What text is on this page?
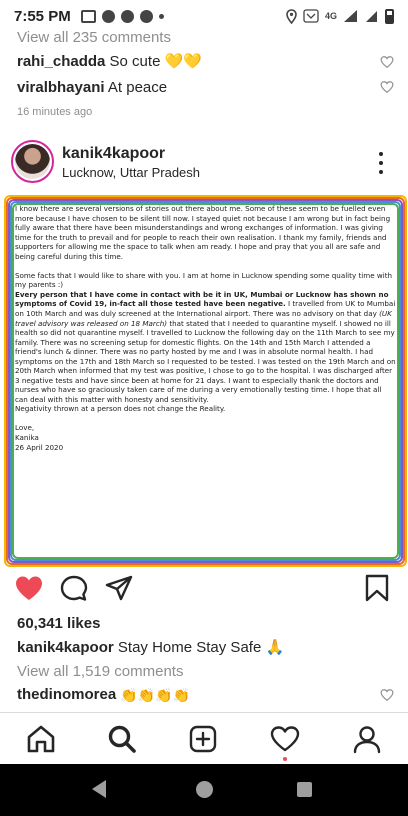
7:55 PM	4G
View all 235 comments
rahi_chadda So cute 💛💛
viralbhayani At peace
16 minutes ago
kanik4kapoor
Lucknow, Uttar Pradesh

I know there are several versions of stories out there about me. Some of these seem to be fuelled even more because I have chosen to be silent till now. I stayed quiet not because I am wrong but in fact being fully aware that there have been misunderstandings and wrong exchanges of information. I was giving time for the truth to prevail and for people to reach their own realisation. I thank my family, friends and supporters for allowing me the space to talk when am ready. I hope and pray that you all are safe and being careful during this time.

Some facts that I would like to share with you. I am at home in Lucknow spending some quality time with my parents :)

Every person that I have come in contact with be it in UK, Mumbai or Lucknow has shown no symptoms of Covid 19, in-fact all those tested have been negative. I travelled from UK to Mumbai on 10th March and was duly screened at the International airport. There was no advisory on that day (UK travel advisory was released on 18 March) that stated that I needed to quarantine myself. I showed no ill health so did not quarantine myself. I travelled to Lucknow the following day on the 11th March to see my family. There was no screening setup for domestic flights. On the 14th and 15th March I attended a friend's lunch & dinner. There was no party hosted by me and I was in absolute normal health. I had symptoms on the 17th and 18th March so I requested to be tested. I was tested on the 19th March and on 20th March when informed that my test was positive, I chose to go to the hospital. I was discharged after 3 negative tests and have since been at home for 21 days. I want to especially thank the doctors and nurses who have so graciously taken care of me during a very emotionally testing time. I hope that all can deal with this matter with honesty and sensitivity.

Negativity thrown at a person does not change the Reality.

Love,

Kanika

26 April 2020

60,341 likes
kanik4kapoor Stay Home Stay Safe 🙏
View all 1,519 comments
thedinomorea 👏👏👏👏
